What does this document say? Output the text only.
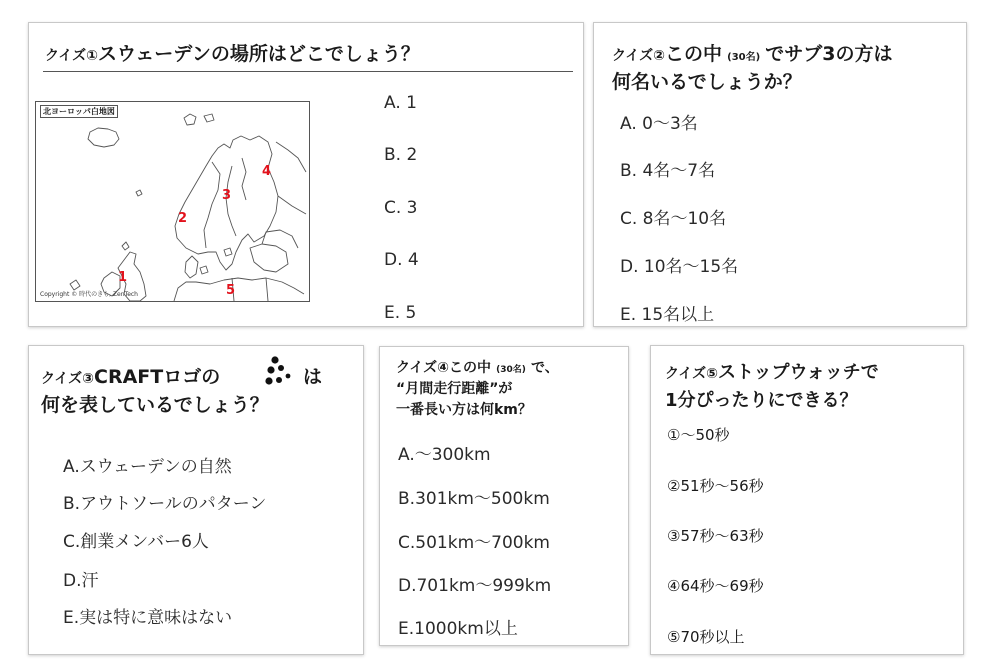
クイズ①スウェーデンの場所はどこでしょう？
北ヨーロッパ白地図
1
2
3
4
5
Copyright © 時代のきも, ZenTech
A. 1
B. 2
C. 3
D. 4
E. 5
クイズ②この中 (30名) でサブ3の方は
何名いるでしょうか？
A. 0〜3名
B. 4名〜7名
C. 8名〜10名
D. 10名〜15名
E. 15名以上
クイズ③CRAFTロゴの	は
何を表しているでしょう？
A.スウェーデンの自然
B.アウトソールのパターン
C.創業メンバー6人
D.汗
E.実は特に意味はない
クイズ④この中 (30名) で、
“月間走行距離”が
一番長い方は何km？
A.〜300km
B.301km〜500km
C.501km〜700km
D.701km〜999km
E.1000km以上
クイズ⑤ストップウォッチで
1分ぴったりにできる？
①〜50秒
②51秒〜56秒
③57秒〜63秒
④64秒〜69秒
⑤70秒以上
